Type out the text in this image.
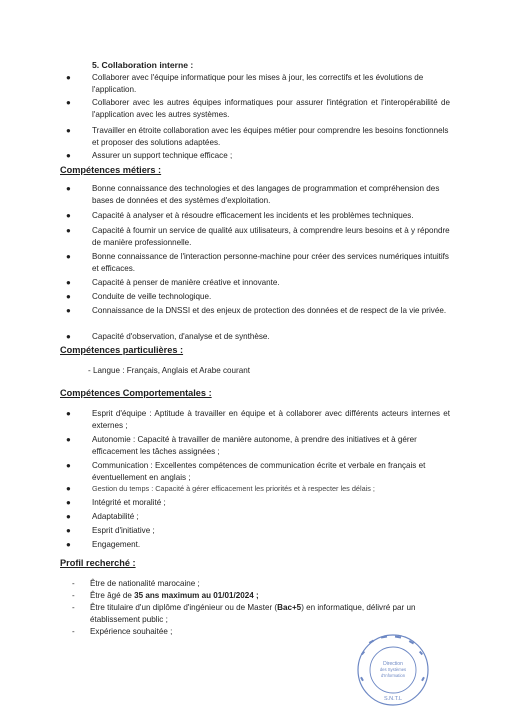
5. Collaboration interne :
●	Collaborer avec l'équipe informatique pour les mises à jour, les correctifs et les évolutions de l'application.
●	Collaborer avec les autres équipes informatiques pour assurer l'intégration et l'interopérabilité de l'application avec les autres systèmes.
●	Travailler en étroite collaboration avec les équipes métier pour comprendre les besoins fonctionnels et proposer des solutions adaptées.
●	Assurer un support technique efficace ;
Compétences métiers :
●	Bonne connaissance des technologies et des langages de programmation et compréhension des bases de données et des systèmes d'exploitation.
●	Capacité à analyser et à résoudre efficacement les incidents et les problèmes techniques.
●	Capacité à fournir un service de qualité aux utilisateurs, à comprendre leurs besoins et à y répondre de manière professionnelle.
●	Bonne connaissance de l'interaction personne-machine pour créer des services numériques intuitifs et efficaces.
●	Capacité à penser de manière créative et innovante.
●	Conduite de veille technologique.
●	Connaissance de la DNSSI et des enjeux de protection des données et de respect de la vie privée.
●	Capacité d'observation, d'analyse et de synthèse.
Compétences particulières :
- Langue : Français, Anglais et Arabe courant
Compétences Comportementales :
●	Esprit d'équipe : Aptitude à travailler en équipe et à collaborer avec différents acteurs internes et externes ;
●	Autonomie : Capacité à travailler de manière autonome, à prendre des initiatives et à gérer efficacement les tâches assignées ;
●	Communication : Excellentes compétences de communication écrite et verbale en français et éventuellement en anglais ;
●	Gestion du temps : Capacité à gérer efficacement les priorités et à respecter les délais ;
●	Intégrité et moralité ;
●	Adaptabilité ;
●	Esprit d'initiative ;
●	Engagement.
Profil recherché :
- Être de nationalité marocaine ;
- Être âgé de 35 ans maximum au 01/01/2024 ;
- Être titulaire d'un diplôme d'ingénieur ou de Master (Bac+5) en informatique, délivré par un établissement public ;
- Expérience souhaitée ;
Direction
des Systèmes
d'Information
S.N.T.L
